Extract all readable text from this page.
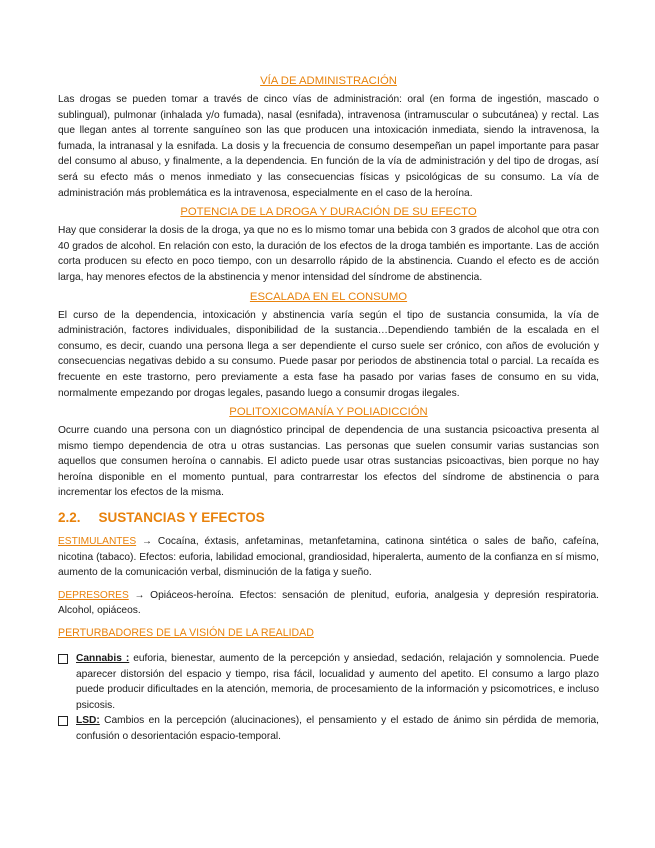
VÍA DE ADMINISTRACIÓN

Las drogas se pueden tomar a través de cinco vías de administración: oral (en forma de ingestión, mascado o sublingual), pulmonar (inhalada y/o fumada), nasal (esnifada), intravenosa (intramuscular o subcutánea) y rectal. Las que llegan antes al torrente sanguíneo son las que producen una intoxicación inmediata, siendo la intravenosa, la fumada, la intranasal y la esnifada. La dosis y la frecuencia de consumo desempeñan un papel importante para pasar del consumo al abuso, y finalmente, a la dependencia. En función de la vía de administración y del tipo de drogas, así será su efecto más o menos inmediato y las consecuencias físicas y psicológicas de su consumo. La vía de administración más problemática es la intravenosa, especialmente en el caso de la heroína.

POTENCIA DE LA DROGA Y DURACIÓN DE SU EFECTO

Hay que considerar la dosis de la droga, ya que no es lo mismo tomar una bebida con 3 grados de alcohol que otra con 40 grados de alcohol. En relación con esto, la duración de los efectos de la droga también es importante. Las de acción corta producen su efecto en poco tiempo, con un desarrollo rápido de la abstinencia. Cuando el efecto es de acción larga, hay menores efectos de la abstinencia y menor intensidad del síndrome de abstinencia.

ESCALADA EN EL CONSUMO

El curso de la dependencia, intoxicación y abstinencia varía según el tipo de sustancia consumida, la vía de administración, factores individuales, disponibilidad de la sustancia…Dependiendo también de la escalada en el consumo, es decir, cuando una persona llega a ser dependiente el curso suele ser crónico, con años de evolución y consecuencias negativas debido a su consumo. Puede pasar por periodos de abstinencia total o parcial. La recaída es frecuente en este trastorno, pero previamente a esta fase ha pasado por varias fases de consumo en su vida, normalmente empezando por drogas legales, pasando luego a consumir drogas ilegales.

POLITOXICOMANÍA Y POLIADICCIÓN

Ocurre cuando una persona con un diagnóstico principal de dependencia de una sustancia psicoactiva presenta al mismo tiempo dependencia de otra u otras sustancias. Las personas que suelen consumir varias sustancias son aquellos que consumen heroína o cannabis. El adicto puede usar otras sustancias psicoactivas, bien porque no hay heroína disponible en el momento puntual, para contrarrestar los efectos del síndrome de abstinencia o para incrementar los efectos de la misma.

2.2. SUSTANCIAS Y EFECTOS

ESTIMULANTES → Cocaína, éxtasis, anfetaminas, metanfetamina, catinona sintética o sales de baño, cafeína, nicotina (tabaco). Efectos: euforia, labilidad emocional, grandiosidad, hiperalerta, aumento de la confianza en sí mismo, aumento de la comunicación verbal, disminución de la fatiga y sueño.

DEPRESORES → Opiáceos-heroína. Efectos: sensación de plenitud, euforia, analgesia y depresión respiratoria. Alcohol, opiáceos.

PERTURBADORES DE LA VISIÓN DE LA REALIDAD

Cannabis : euforia, bienestar, aumento de la percepción y ansiedad, sedación, relajación y somnolencia. Puede aparecer distorsión del espacio y tiempo, risa fácil, locualidad y aumento del apetito. El consumo a largo plazo puede producir dificultades en la atención, memoria, de procesamiento de la información y psicomotrices, e incluso psicosis.
LSD: Cambios en la percepción (alucinaciones), el pensamiento y el estado de ánimo sin pérdida de memoria, confusión o desorientación espacio-temporal.
